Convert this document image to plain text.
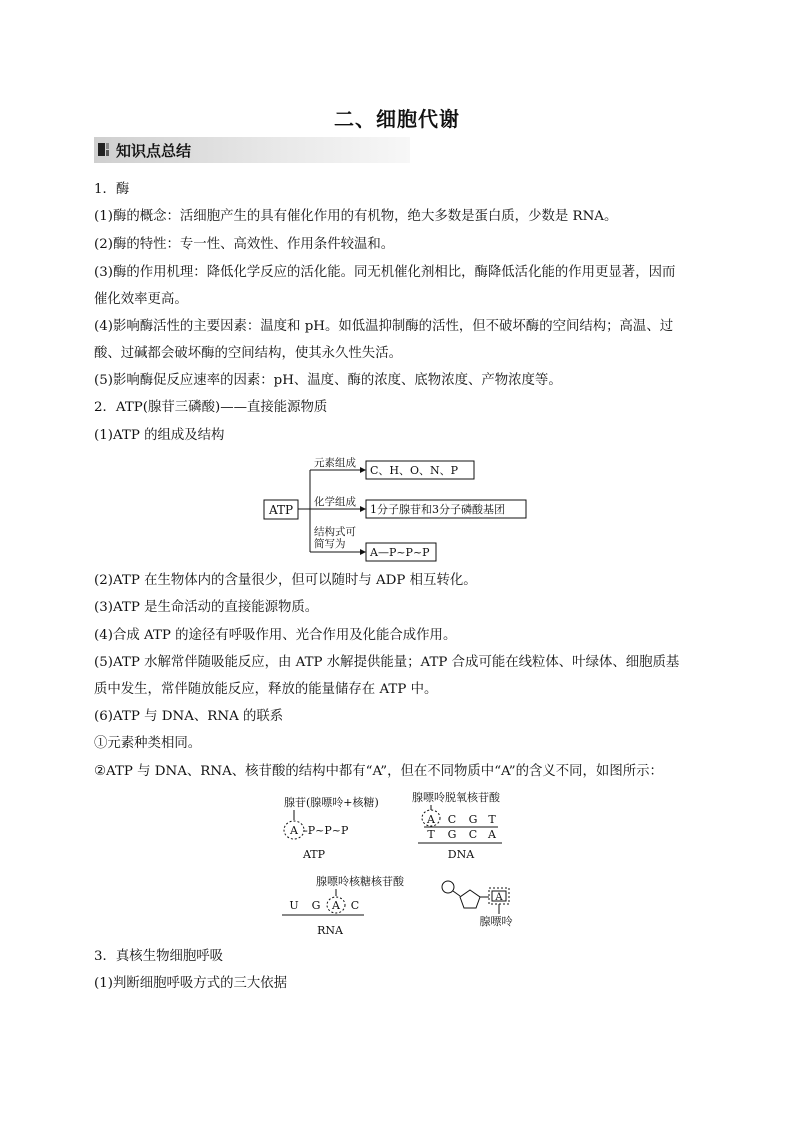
二、细胞代谢
知识点总结
1．酶
(1)酶的概念：活细胞产生的具有催化作用的有机物，绝大多数是蛋白质，少数是 RNA。
(2)酶的特性：专一性、高效性、作用条件较温和。
(3)酶的作用机理：降低化学反应的活化能。同无机催化剂相比，酶降低活化能的作用更显著，因而
催化效率更高。
(4)影响酶活性的主要因素：温度和 pH。如低温抑制酶的活性，但不破坏酶的空间结构；高温、过
酸、过碱都会破坏酶的空间结构，使其永久性失活。
(5)影响酶促反应速率的因素：pH、温度、酶的浓度、底物浓度、产物浓度等。
2．ATP(腺苷三磷酸)——直接能源物质
(1)ATP 的组成及结构
ATP
元素组成
化学组成
结构式可
简写为
C、H、O、N、P
1分子腺苷和3分子磷酸基团
A—P~P~P
(2)ATP 在生物体内的含量很少，但可以随时与 ADP 相互转化。
(3)ATP 是生命活动的直接能源物质。
(4)合成 ATP 的途径有呼吸作用、光合作用及化能合成作用。
(5)ATP 水解常伴随吸能反应，由 ATP 水解提供能量；ATP 合成可能在线粒体、叶绿体、细胞质基
质中发生，常伴随放能反应，释放的能量储存在 ATP 中。
(6)ATP 与 DNA、RNA 的联系
①元素种类相同。
②ATP 与 DNA、RNA、核苷酸的结构中都有“A”，但在不同物质中“A”的含义不同，如图所示：
腺苷(腺嘌呤+核糖)
A -P~P~P
ATP
腺嘌呤脱氧核苷酸
A C G T
T G C A
DNA
腺嘌呤核糖核苷酸
U G A C
RNA
A
腺嘌呤
3．真核生物细胞呼吸
(1)判断细胞呼吸方式的三大依据
